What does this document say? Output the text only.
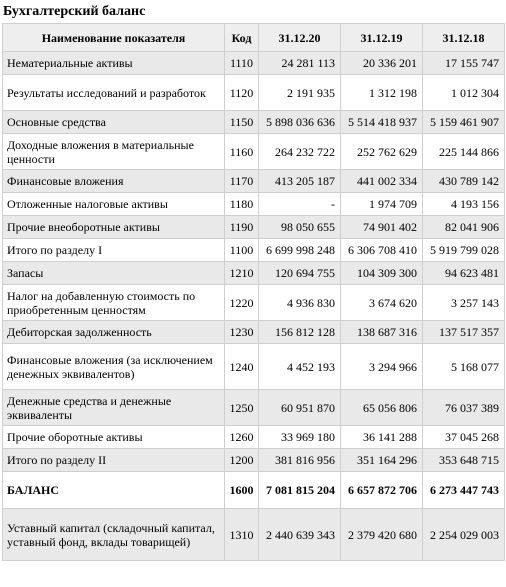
Бухгалтерский баланс
Наименование показателя	Код	31.12.20	31.12.19	31.12.18
Нематериальные активы	1110	24 281 113	20 336 201	17 155 747
Результаты исследований и разработок	1120	2 191 935	1 312 198	1 012 304
Основные средства	1150	5 898 036 636	5 514 418 937	5 159 461 907
Доходные вложения в материальные ценности	1160	264 232 722	252 762 629	225 144 866
Финансовые вложения	1170	413 205 187	441 002 334	430 789 142
Отложенные налоговые активы	1180	-	1 974 709	4 193 156
Прочие внеоборотные активы	1190	98 050 655	74 901 402	82 041 906
Итого по разделу I	1100	6 699 998 248	6 306 708 410	5 919 799 028
Запасы	1210	120 694 755	104 309 300	94 623 481
Налог на добавленную стоимость по приобретенным ценностям	1220	4 936 830	3 674 620	3 257 143
Дебиторская задолженность	1230	156 812 128	138 687 316	137 517 357
Финансовые вложения (за исключением денежных эквивалентов)	1240	4 452 193	3 294 966	5 168 077
Денежные средства и денежные эквиваленты	1250	60 951 870	65 056 806	76 037 389
Прочие оборотные активы	1260	33 969 180	36 141 288	37 045 268
Итого по разделу II	1200	381 816 956	351 164 296	353 648 715
БАЛАНС	1600	7 081 815 204	6 657 872 706	6 273 447 743
Уставный капитал (складочный капитал, уставный фонд, вклады товарищей)	1310	2 440 639 343	2 379 420 680	2 254 029 003
